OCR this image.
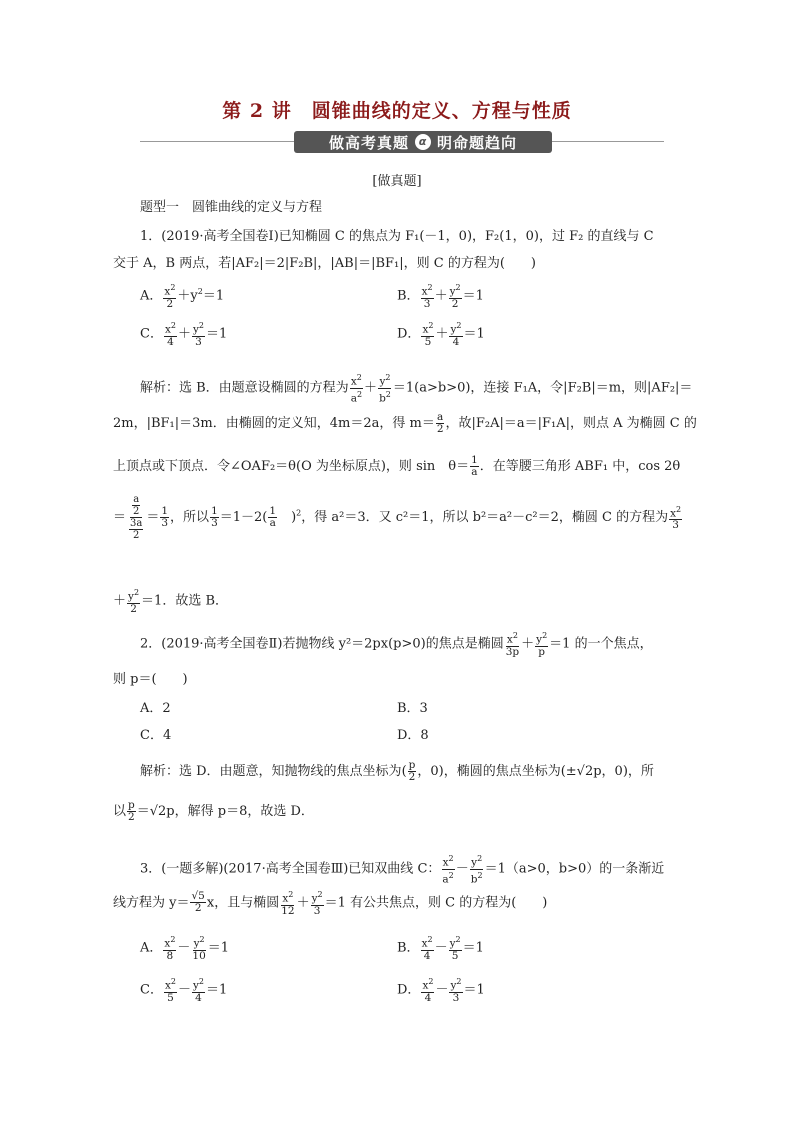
第 2 讲　圆锥曲线的定义、方程与性质
做高考真题 α 明命题趋向
[做真题]
题型一　圆锥曲线的定义与方程
1．(2019·高考全国卷Ⅰ)已知椭圆 C 的焦点为 F₁(－1，0)，F₂(1，0)，过 F₂ 的直线与 C
交于 A，B 两点，若|AF₂|＝2|F₂B|，|AB|＝|BF₁|，则 C 的方程为(　　)
A． $\frac{x^2}{2} +y^2=1$	B． $\frac{x^2}{3} + \frac{y^2}{2} =1$
C． $\frac{x^2}{4} + \frac{y^2}{3} =1$	D． $\frac{x^2}{5} + \frac{y^2}{4} =1$
解析：选 B．由题意设椭圆的方程为 $\frac{x^2}{a^2} + \frac{y^2}{b^2} =1(a>b>0)$，连接 F₁A，令|F₂B|＝m，则|AF₂|＝
2m，|BF₁|＝3m．由椭圆的定义知，4m＝2a，得 $m= \frac{a}{2}$ ，故|F₂A|＝a＝|F₁A|，则点 A 为椭圆 C 的
上顶点或下顶点．令∠OAF₂＝θ(O 为坐标原点)，则 sin　$\theta= \frac{1}{a}$ ．在等腰三角形 ABF₁ 中，cos 2θ
＝ $\frac{\frac{a}{2}}{\frac{3a}{2}} = \frac{1}{3}$ ，所以 $\frac{1}{3} =1-2( \frac{1}{a}$ 　)$^2$，得 a²＝3．又 c²＝1，所以 b²＝a²－c²＝2，椭圆 C 的方程为 $\frac{x^2}{3}$
＋ $\frac{y^2}{2} =1$．故选 B．
2．(2019·高考全国卷Ⅱ)若抛物线 y²＝2px(p>0)的焦点是椭圆 $\frac{x^2}{3p} + \frac{y^2}{p} =1$ 的一个焦点，
则 p＝(　　)
A．2	B．3
C．4	D．8
解析：选 D．由题意，知抛物线的焦点坐标为( $\frac{p}{2}$ ，0)，椭圆的焦点坐标为(±√2p，0)，所
以 $\frac{p}{2} =√2p$，解得 p＝8，故选 D．
3．(一题多解)(2017·高考全国卷Ⅲ)已知双曲线 C： $\frac{x^2}{a^2} - \frac{y^2}{b^2} =1(a>0$，b>0）的一条渐近
线方程为 $y= \frac{√5}{2}$ x，且与椭圆 $\frac{x^2}{12} + \frac{y^2}{3} =1$ 有公共焦点，则 C 的方程为(　　)
A． $\frac{x^2}{8} - \frac{y^2}{10} =1$	B． $\frac{x^2}{4} - \frac{y^2}{5} =1$
C． $\frac{x^2}{5} - \frac{y^2}{4} =1$	D． $\frac{x^2}{4} - \frac{y^2}{3} =1$
